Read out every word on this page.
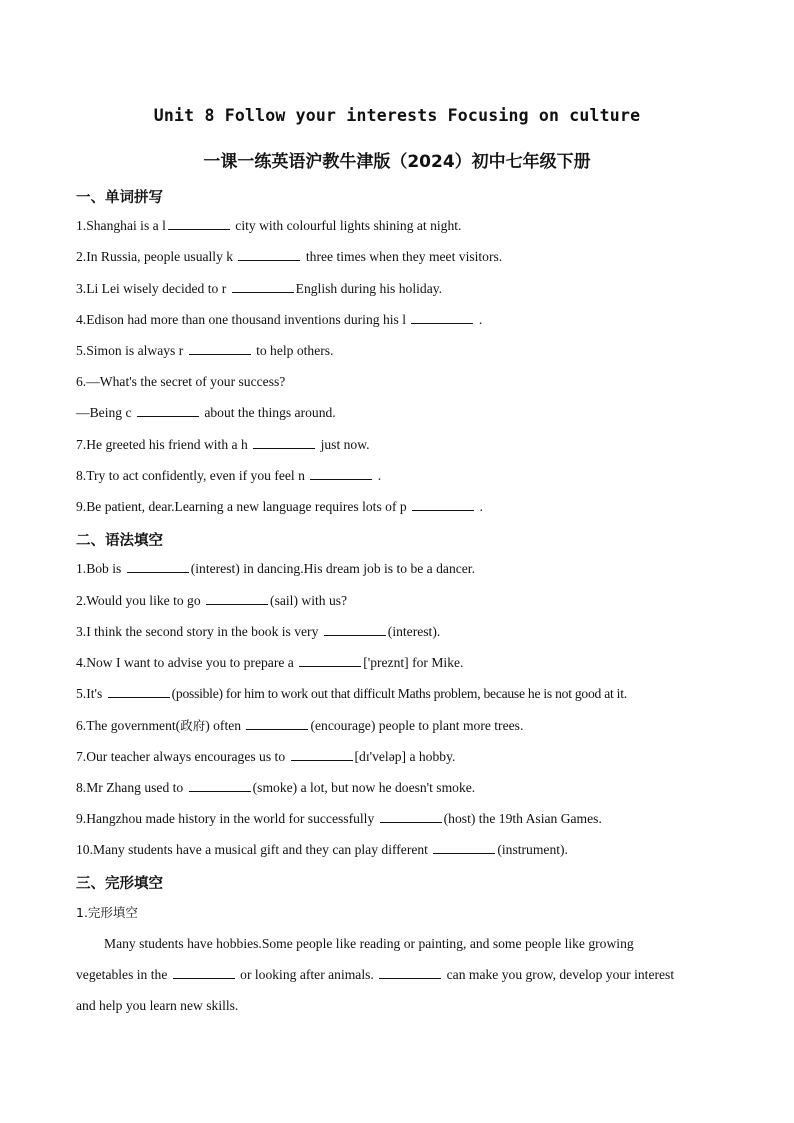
Unit 8 Follow your interests Focusing on culture
一课一练英语沪教牛津版（2024）初中七年级下册
一、单词拼写
1.Shanghai is a l	city with colourful lights shining at night.
2.In Russia, people usually k	three times when they meet visitors.
3.Li Lei wisely decided to r	English during his holiday.
4.Edison had more than one thousand inventions during his l	.
5.Simon is always r	to help others.
6.—What's the secret of your success?
—Being c	about the things around.
7.He greeted his friend with a h	just now.
8.Try to act confidently, even if you feel n	.
9.Be patient, dear.Learning a new language requires lots of p	.
二、语法填空
1.Bob is	(interest) in dancing.His dream job is to be a dancer.
2.Would you like to go	(sail) with us?
3.I think the second story in the book is very	(interest).
4.Now I want to advise you to prepare a	['preznt] for Mike.
5.It's	(possible) for him to work out that difficult Maths problem, because he is not good at it.
6.The government(政府) often	(encourage) people to plant more trees.
7.Our teacher always encourages us to	[dɪ'veləp] a hobby.
8.Mr Zhang used to	(smoke) a lot, but now he doesn't smoke.
9.Hangzhou made history in the world for successfully	(host) the 19th Asian Games.
10.Many students have a musical gift and they can play different	(instrument).
三、完形填空
1.完形填空
Many students have hobbies.Some people like reading or painting, and some people like growing
vegetables in the	or looking after animals.	can make you grow, develop your interest
and help you learn new skills.
